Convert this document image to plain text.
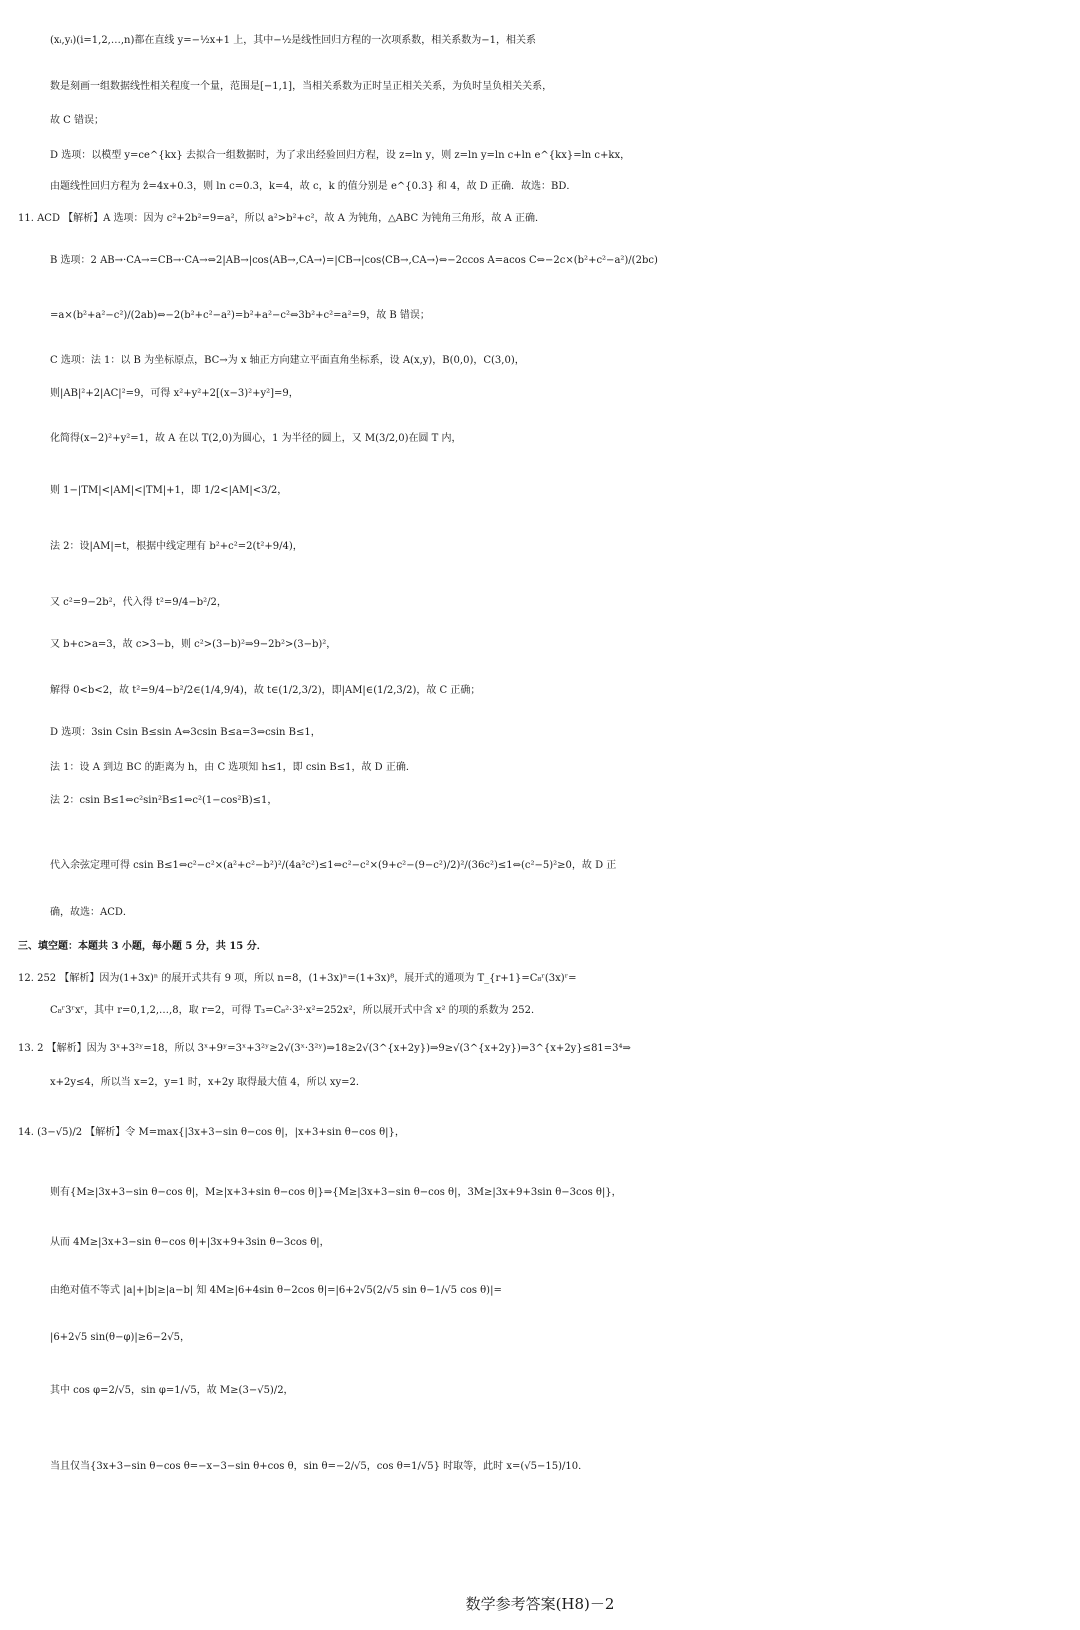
(xᵢ,yᵢ)(i=1,2,…,n)都在直线 y=−½x+1 上，其中−½是线性回归方程的一次项系数，相关系数为−1，相关系
数是刻画一组数据线性相关程度一个量，范围是[−1,1]，当相关系数为正时呈正相关关系，为负时呈负相关关系，
故 C 错误；
D 选项：以模型 y=ce^{kx} 去拟合一组数据时，为了求出经验回归方程，设 z=ln y，则 z=ln y=ln c+ln e^{kx}=ln c+kx，
由题线性回归方程为 ẑ=4x+0.3，则 ln c=0.3，k=4，故 c，k 的值分别是 e^{0.3} 和 4，故 D 正确．故选：BD．
11. ACD 【解析】A 选项：因为 c²+2b²=9=a²，所以 a²>b²+c²，故 A 为钝角，△ABC 为钝角三角形，故 A 正确．
B 选项：2 AB→·CA→=CB→·CA→⇔2|AB→|cos⟨AB→,CA→⟩=|CB→|cos⟨CB→,CA→⟩⇔−2ccos A=acos C⇔−2c×(b²+c²−a²)/(2bc)
=a×(b²+a²−c²)/(2ab)⇔−2(b²+c²−a²)=b²+a²−c²⇔3b²+c²=a²=9，故 B 错误；
C 选项：法 1：以 B 为坐标原点，BC→为 x 轴正方向建立平面直角坐标系，设 A(x,y)，B(0,0)，C(3,0)，
则|AB|²+2|AC|²=9，可得 x²+y²+2[(x−3)²+y²]=9，
化简得(x−2)²+y²=1，故 A 在以 T(2,0)为圆心，1 为半径的圆上，又 M(3/2,0)在圆 T 内，
则 1−|TM|<|AM|<|TM|+1，即 1/2<|AM|<3/2，
法 2：设|AM|=t，根据中线定理有 b²+c²=2(t²+9/4)，
又 c²=9−2b²，代入得 t²=9/4−b²/2，
又 b+c>a=3，故 c>3−b，则 c²>(3−b)²⇒9−2b²>(3−b)²，
解得 0<b<2，故 t²=9/4−b²/2∈(1/4,9/4)，故 t∈(1/2,3/2)，即|AM|∈(1/2,3/2)，故 C 正确；
D 选项：3sin Csin B≤sin A⇔3csin B≤a=3⇔csin B≤1，
法 1：设 A 到边 BC 的距离为 h，由 C 选项知 h≤1，即 csin B≤1，故 D 正确．
法 2：csin B≤1⇔c²sin²B≤1⇔c²(1−cos²B)≤1，
代入余弦定理可得 csin B≤1⇔c²−c²×(a²+c²−b²)²/(4a²c²)≤1⇔c²−c²×(9+c²−(9−c²)/2)²/(36c²)≤1⇔(c²−5)²≥0，故 D 正
确，故选：ACD．
三、填空题：本题共 3 小题，每小题 5 分，共 15 分．
12. 252 【解析】因为(1+3x)ⁿ 的展开式共有 9 项，所以 n=8，(1+3x)ⁿ=(1+3x)⁸，展开式的通项为 T_{r+1}=C₈ʳ(3x)ʳ=
C₈ʳ3ʳxʳ，其中 r=0,1,2,…,8，取 r=2，可得 T₃=C₈²·3²·x²=252x²，所以展开式中含 x² 的项的系数为 252．
13. 2 【解析】因为 3ˣ+3²ʸ=18，所以 3ˣ+9ʸ=3ˣ+3²ʸ≥2√(3ˣ·3²ʸ)⇒18≥2√(3^{x+2y})⇒9≥√(3^{x+2y})⇒3^{x+2y}≤81=3⁴⇒
x+2y≤4，所以当 x=2，y=1 时，x+2y 取得最大值 4，所以 xy=2．
14. (3−√5)/2 【解析】令 M=max{|3x+3−sin θ−cos θ|，|x+3+sin θ−cos θ|}，
则有{M≥|3x+3−sin θ−cos θ|，M≥|x+3+sin θ−cos θ|}⇒{M≥|3x+3−sin θ−cos θ|，3M≥|3x+9+3sin θ−3cos θ|}，
从而 4M≥|3x+3−sin θ−cos θ|+|3x+9+3sin θ−3cos θ|，
由绝对值不等式 |a|+|b|≥|a−b| 知 4M≥|6+4sin θ−2cos θ|=|6+2√5(2/√5 sin θ−1/√5 cos θ)|=
|6+2√5 sin(θ−φ)|≥6−2√5，
其中 cos φ=2/√5，sin φ=1/√5，故 M≥(3−√5)/2，
当且仅当{3x+3−sin θ−cos θ=−x−3−sin θ+cos θ，sin θ=−2/√5，cos θ=1/√5} 时取等，此时 x=(√5−15)/10．
数学参考答案(H8)－2
